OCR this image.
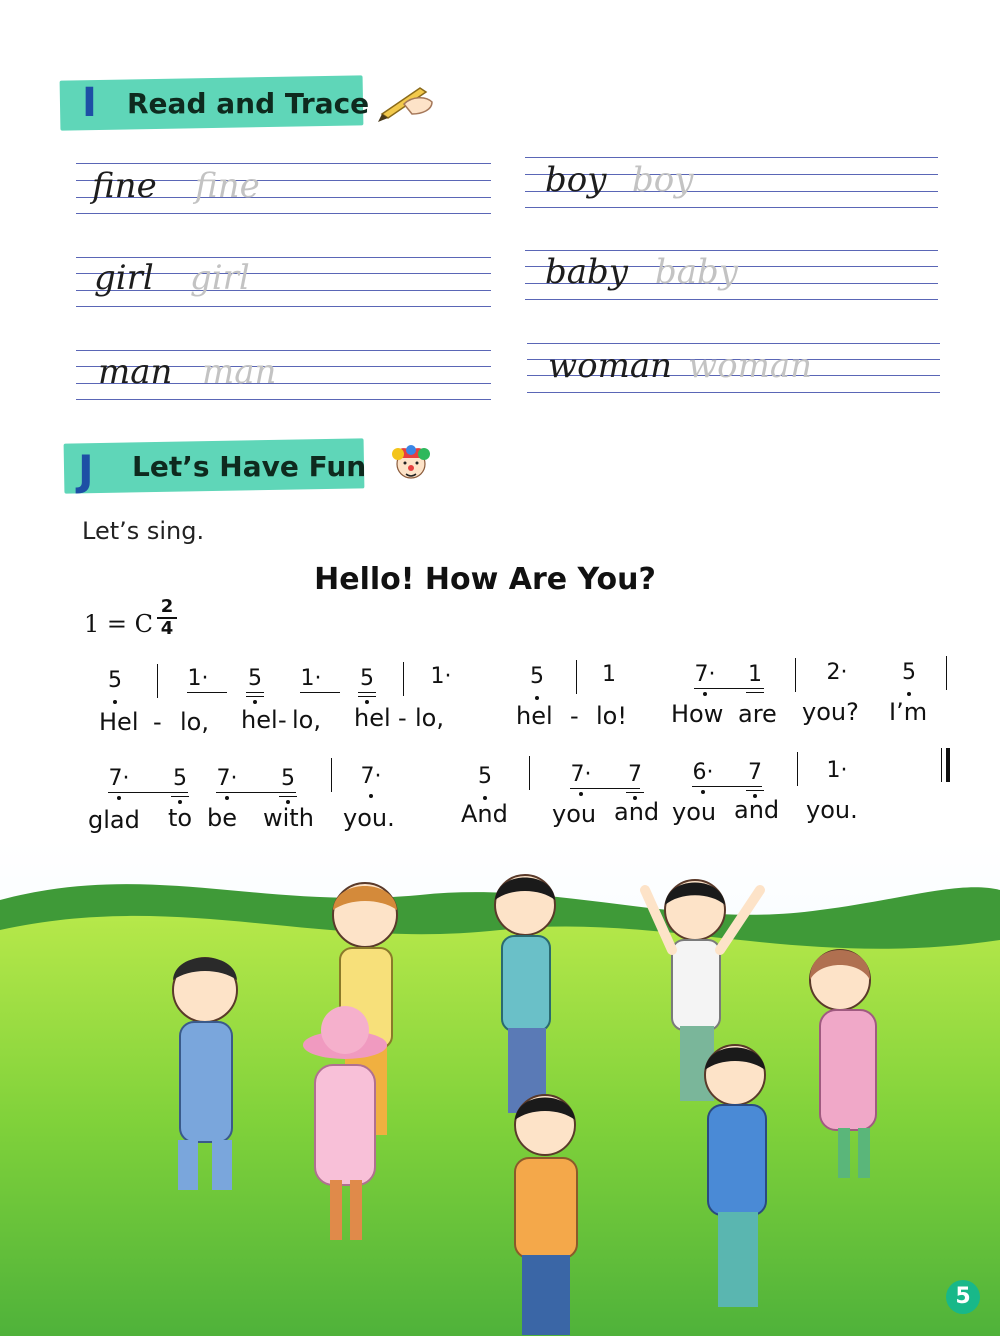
I Read and Trace
fine fine	boy boy
girl girl	baby baby
man man	woman woman
J Let’s Have Fun
Let’s sing.
Hello! How Are You?
1 = C
2
4
5	1·	5	1·	5	1·	5	1	7·	1	2·	5
Hel - lo, hel - lo, hel - lo,	hel - lo! How are you? I’m
7·	5	7·	5	7·	5	7·	7	6·	7	1·
glad to be with you.	And you and you and you.
5
